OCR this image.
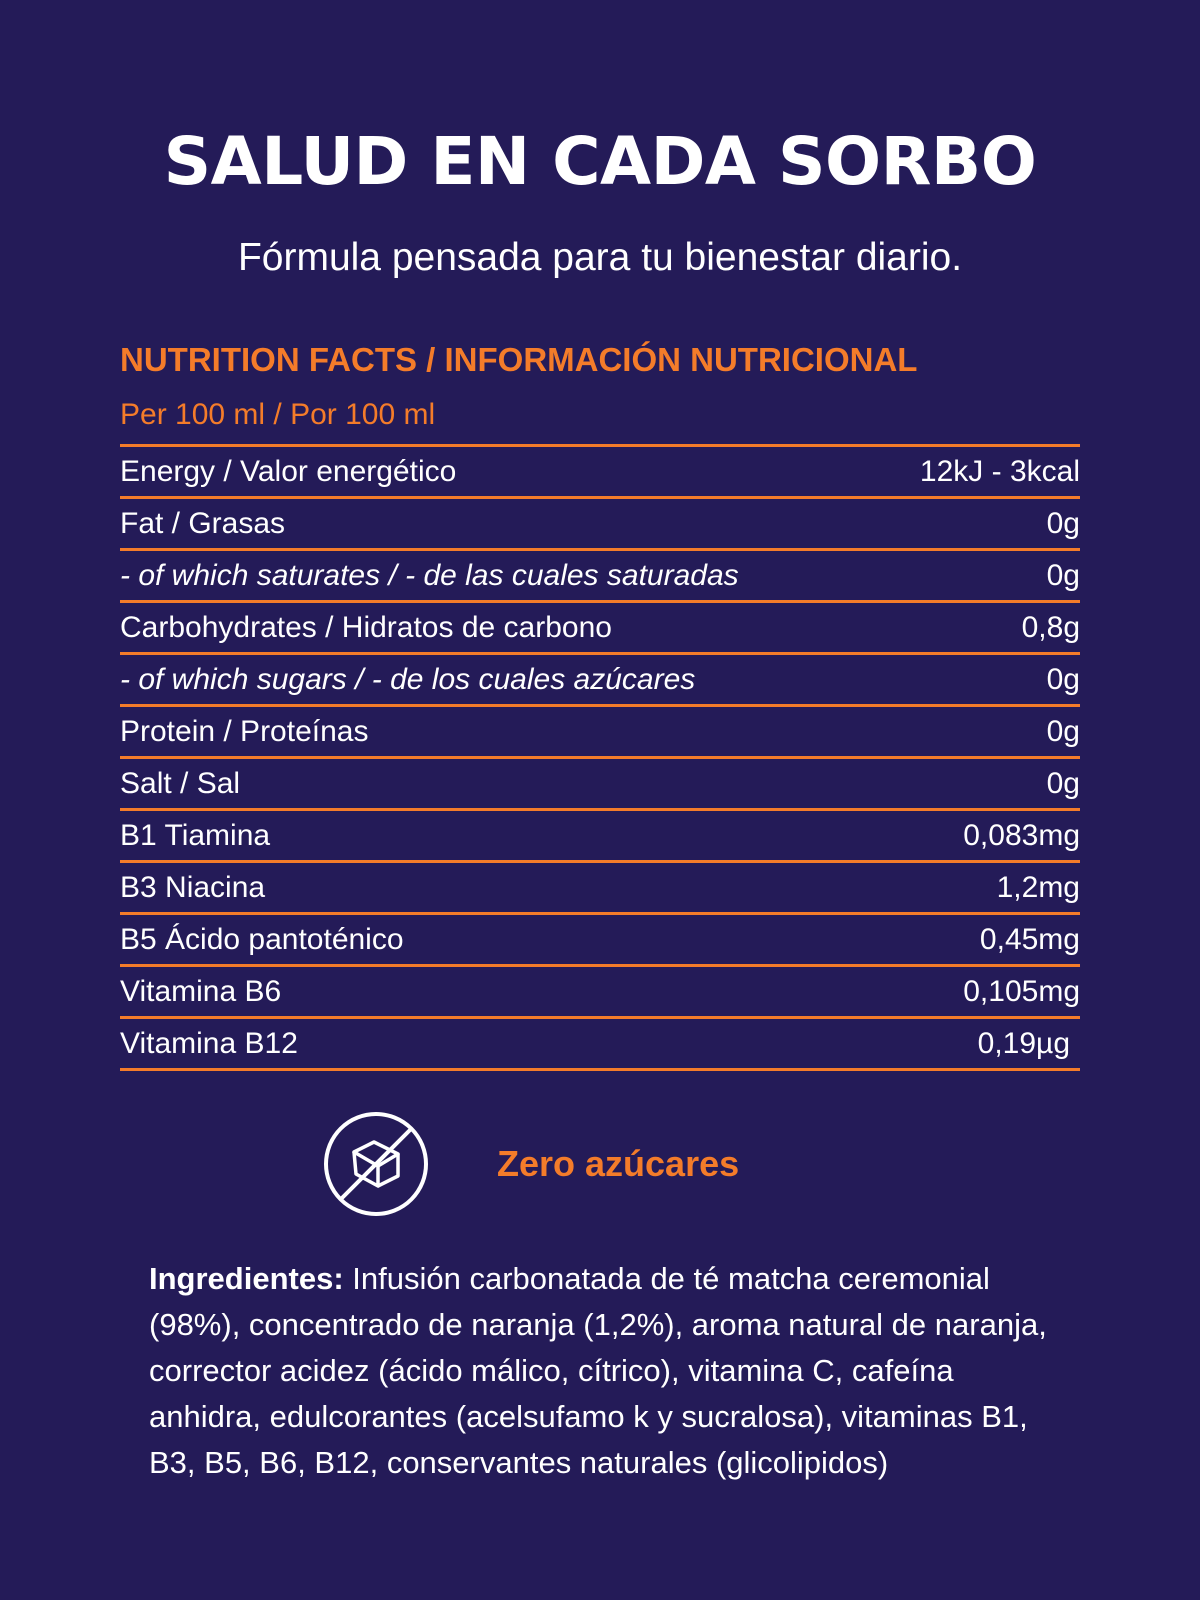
SALUD EN CADA SORBO
Fórmula pensada para tu bienestar diario.
NUTRITION FACTS / INFORMACIÓN NUTRICIONAL
Per 100 ml / Por 100 ml
Energy / Valor energético	12kJ - 3kcal
Fat / Grasas	0g
- of which saturates / - de las cuales saturadas	0g
Carbohydrates / Hidratos de carbono	0,8g
- of which sugars / - de los cuales azúcares	0g
Protein / Proteínas	0g
Salt / Sal	0g
B1 Tiamina	0,083mg
B3 Niacina	1,2mg
B5 Ácido pantoténico	0,45mg
Vitamina B6	0,105mg
Vitamina B12	0,19µg
Zero azúcares
Ingredientes: Infusión carbonatada de té matcha ceremonial (98%), concentrado de naranja (1,2%), aroma natural de naranja, corrector acidez (ácido málico, cítrico), vitamina C, cafeína anhidra, edulcorantes (acelsufamo k y sucralosa), vitaminas B1, B3, B5, B6, B12, conservantes naturales (glicolipidos)
